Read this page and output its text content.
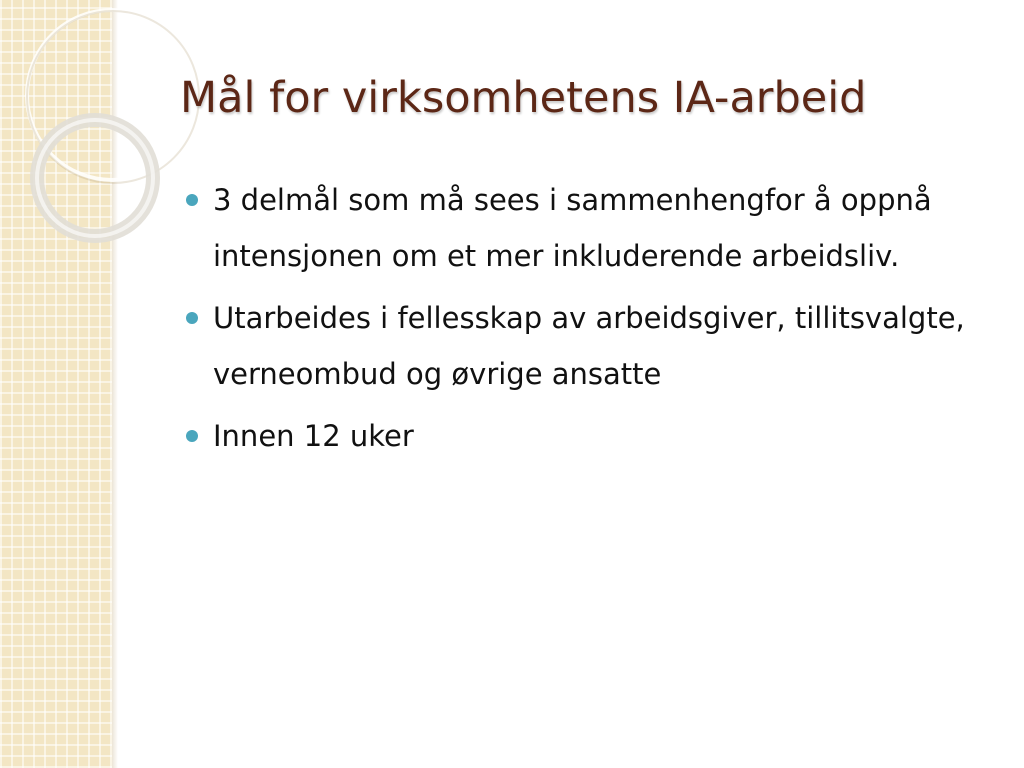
Mål for virksomhetens IA-arbeid
3 delmål som må sees i sammenhengfor å oppnå intensjonen om et mer inkluderende arbeidsliv.
Utarbeides i fellesskap av arbeidsgiver, tillitsvalgte, verneombud og øvrige ansatte
Innen 12 uker
